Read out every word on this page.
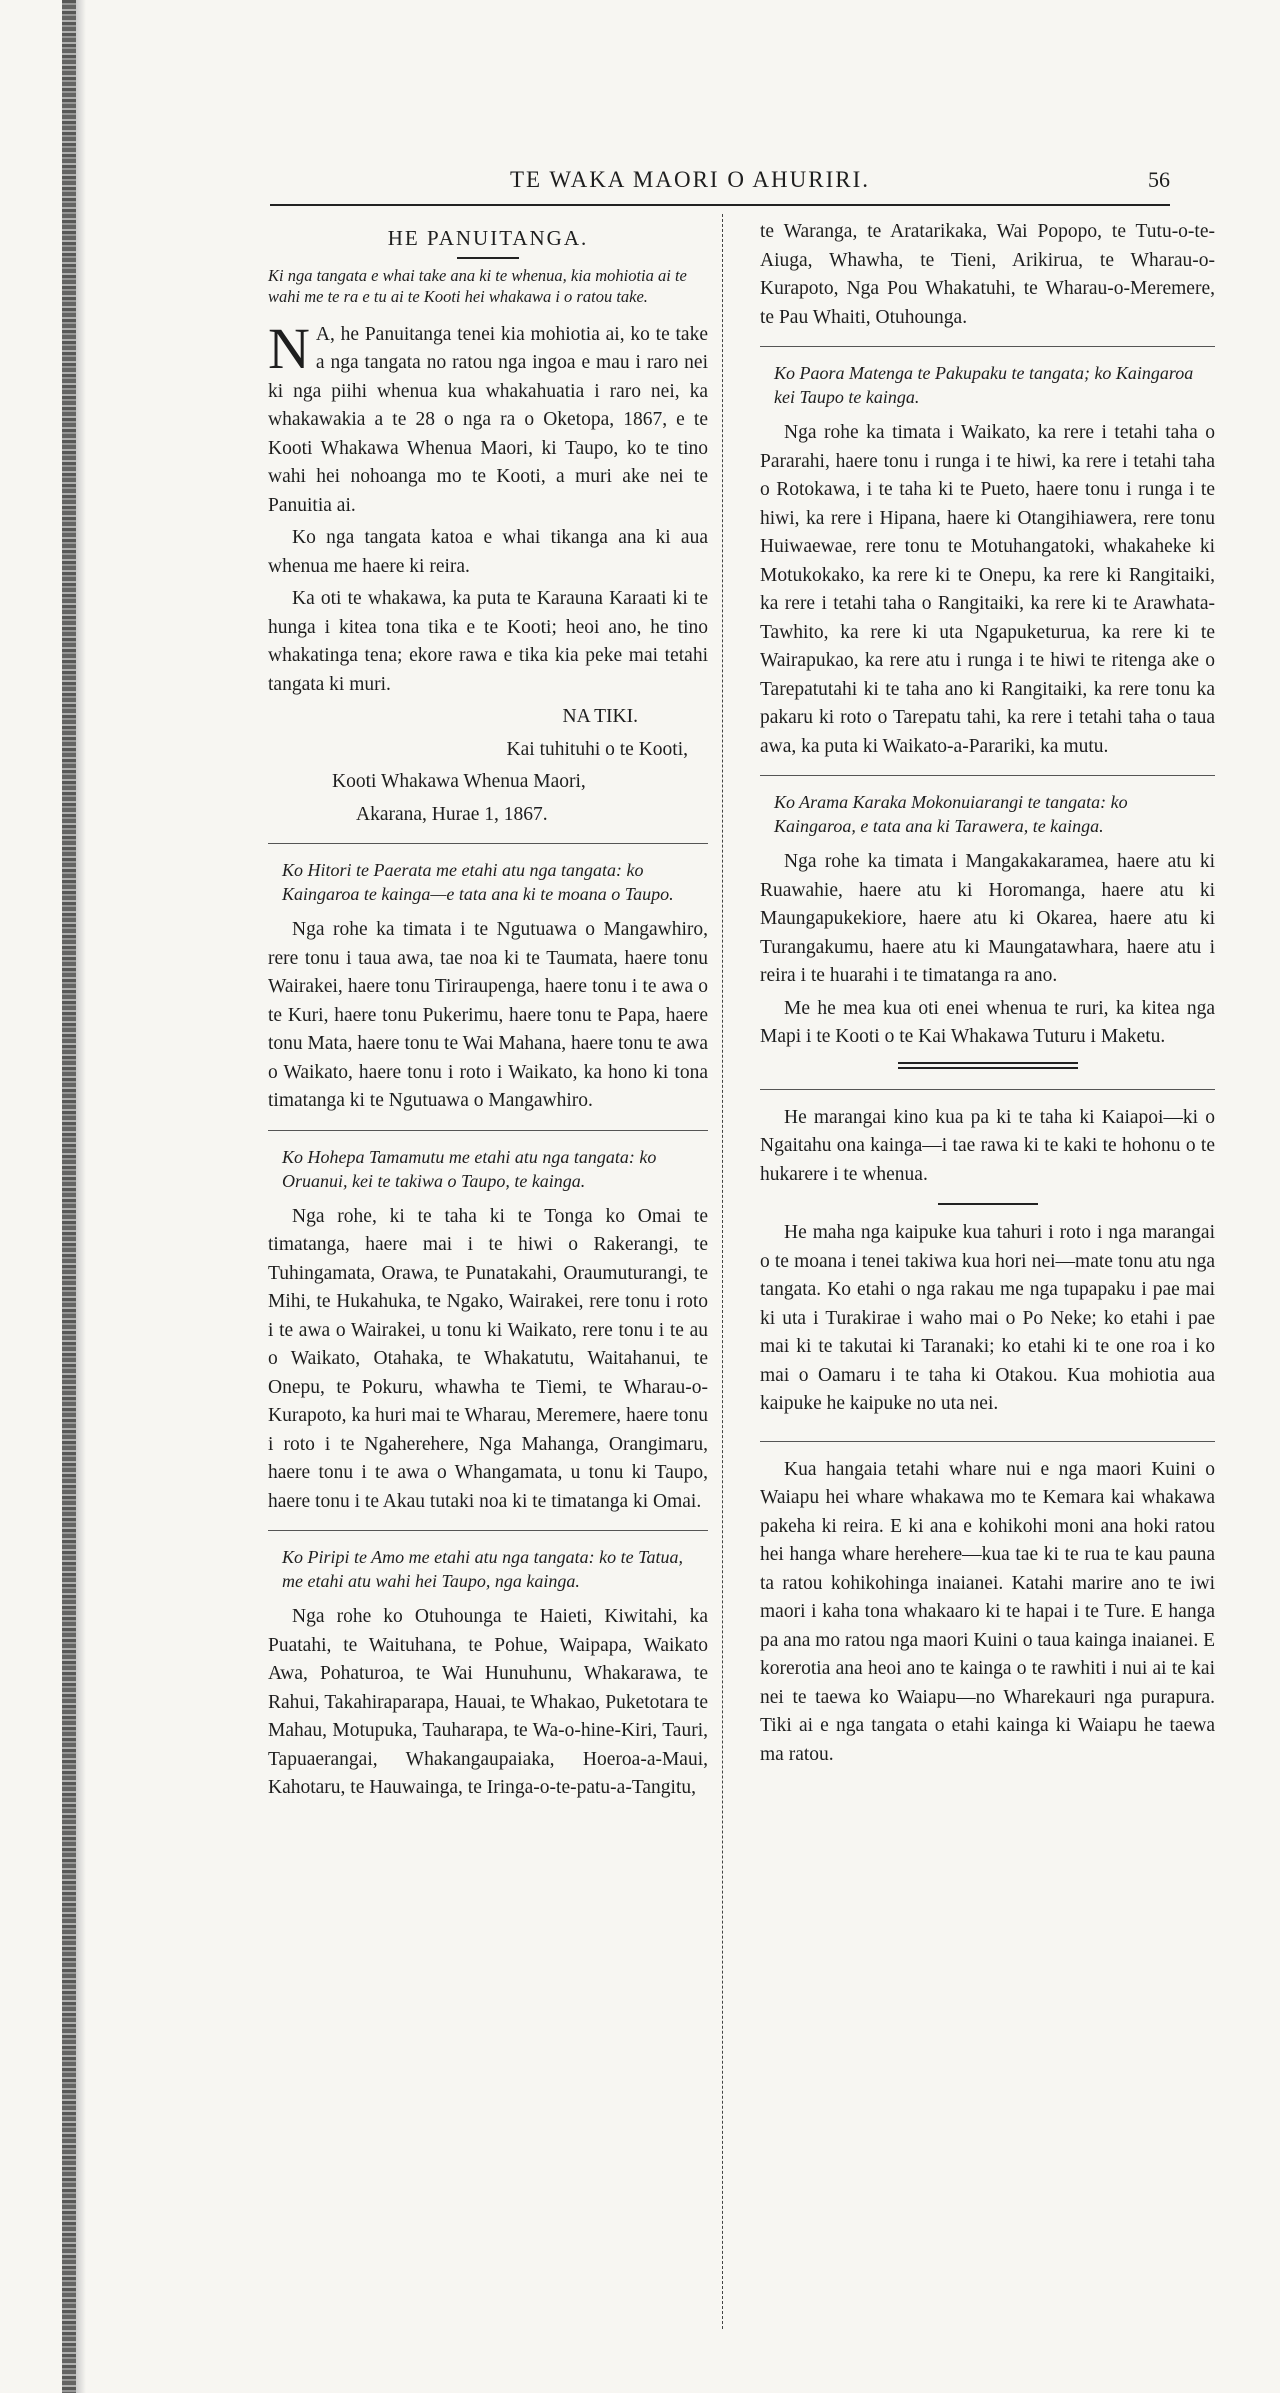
TE WAKA MAORI O AHURIRI.	56
HE PANUITANGA.
Ki nga tangata e whai take ana ki te whenua, kia mohiotia ai te wahi me te ra e tu ai te Kooti hei whakawa i o ratou take.

N A, he Panuitanga tenei kia mohiotia ai, ko te take a nga tangata no ratou nga ingoa e mau i raro nei ki nga piihi whenua kua whakahuatia i raro nei, ka whakawakia a te 28 o nga ra o Oketopa, 1867, e te Kooti Whakawa Whenua Maori, ki Taupo, ko te tino wahi hei nohoanga mo te Kooti, a muri ake nei te Panuitia ai.

Ko nga tangata katoa e whai tikanga ana ki aua whenua me haere ki reira.

Ka oti te whakawa, ka puta te Karauna Karaati ki te hunga i kitea tona tika e te Kooti; heoi ano, he tino whakatinga tena; ekore rawa e tika kia peke mai tetahi tangata ki muri.

NA TIKI.

Kai tuhituhi o te Kooti,

Kooti Whakawa Whenua Maori,

Akarana, Hurae 1, 1867.

Ko Hitori te Paerata me etahi atu nga tangata: ko Kaingaroa te kainga—e tata ana ki te moana o Taupo.

Nga rohe ka timata i te Ngutuawa o Mangawhiro, rere tonu i taua awa, tae noa ki te Taumata, haere tonu Wairakei, haere tonu Tiriraupenga, haere tonu i te awa o te Kuri, haere tonu Pukerimu, haere tonu te Papa, haere tonu Mata, haere tonu te Wai Mahana, haere tonu te awa o Waikato, haere tonu i roto i Waikato, ka hono ki tona timatanga ki te Ngutuawa o Mangawhiro.

Ko Hohepa Tamamutu me etahi atu nga tangata: ko Oruanui, kei te takiwa o Taupo, te kainga.

Nga rohe, ki te taha ki te Tonga ko Omai te timatanga, haere mai i te hiwi o Rakerangi, te Tuhingamata, Orawa, te Punatakahi, Oraumuturangi, te Mihi, te Hukahuka, te Ngako, Wairakei, rere tonu i roto i te awa o Wairakei, u tonu ki Waikato, rere tonu i te au o Waikato, Otahaka, te Whakatutu, Waitahanui, te Onepu, te Pokuru, whawha te Tiemi, te Wharau-o-Kurapoto, ka huri mai te Wharau, Meremere, haere tonu i roto i te Ngaherehere, Nga Mahanga, Orangimaru, haere tonu i te awa o Whangamata, u tonu ki Taupo, haere tonu i te Akau tutaki noa ki te timatanga ki Omai.

Ko Piripi te Amo me etahi atu nga tangata: ko te Tatua, me etahi atu wahi hei Taupo, nga kainga.

Nga rohe ko Otuhounga te Haieti, Kiwitahi, ka Puatahi, te Waituhana, te Pohue, Waipapa, Waikato Awa, Pohaturoa, te Wai Hunuhunu, Whakarawa, te Rahui, Takahiraparapa, Hauai, te Whakao, Puketotara te Mahau, Motupuka, Tauharapa, te Wa-o-hine-Kiri, Tauri, Tapuaerangai, Whakangaupaiaka, Hoeroa-a-Maui, Kahotaru, te Hauwainga, te Iringa-o-te-patu-a-Tangitu,

te Waranga, te Aratarikaka, Wai Popopo, te Tutu-o-te-Aiuga, Whawha, te Tieni, Arikirua, te Wharau-o-Kurapoto, Nga Pou Whakatuhi, te Wharau-o-Meremere, te Pau Whaiti, Otuhounga.

Ko Paora Matenga te Pakupaku te tangata; ko Kaingaroa kei Taupo te kainga.

Nga rohe ka timata i Waikato, ka rere i tetahi taha o Pararahi, haere tonu i runga i te hiwi, ka rere i tetahi taha o Rotokawa, i te taha ki te Pueto, haere tonu i runga i te hiwi, ka rere i Hipana, haere ki Otangihiawera, rere tonu Huiwaewae, rere tonu te Motuhangatoki, whakaheke ki Motukokako, ka rere ki te Onepu, ka rere ki Rangitaiki, ka rere i tetahi taha o Rangitaiki, ka rere ki te Arawhata-Tawhito, ka rere ki uta Ngapuketurua, ka rere ki te Wairapukao, ka rere atu i runga i te hiwi te ritenga ake o Tarepatutahi ki te taha ano ki Rangitaiki, ka rere tonu ka pakaru ki roto o Tarepatu tahi, ka rere i tetahi taha o taua awa, ka puta ki Waikato-a-Parariki, ka mutu.

Ko Arama Karaka Mokonuiarangi te tangata: ko Kaingaroa, e tata ana ki Tarawera, te kainga.

Nga rohe ka timata i Mangakakaramea, haere atu ki Ruawahie, haere atu ki Horomanga, haere atu ki Maungapukekiore, haere atu ki Okarea, haere atu ki Turangakumu, haere atu ki Maungatawhara, haere atu i reira i te huarahi i te timatanga ra ano.

Me he mea kua oti enei whenua te ruri, ka kitea nga Mapi i te Kooti o te Kai Whakawa Tuturu i Maketu.

He marangai kino kua pa ki te taha ki Kaiapoi—ki o Ngaitahu ona kainga—i tae rawa ki te kaki te hohonu o te hukarere i te whenua.

He maha nga kaipuke kua tahuri i roto i nga marangai o te moana i tenei takiwa kua hori nei—mate tonu atu nga tangata. Ko etahi o nga rakau me nga tupapaku i pae mai ki uta i Turakirae i waho mai o Po Neke; ko etahi i pae mai ki te takutai ki Taranaki; ko etahi ki te one roa i ko mai o Oamaru i te taha ki Otakou. Kua mohiotia aua kaipuke he kaipuke no uta nei.

Kua hangaia tetahi whare nui e nga maori Kuini o Waiapu hei whare whakawa mo te Kemara kai whakawa pakeha ki reira. E ki ana e kohikohi moni ana hoki ratou hei hanga whare herehere—kua tae ki te rua te kau pauna ta ratou kohikohinga inaianei. Katahi marire ano te iwi maori i kaha tona whakaaro ki te hapai i te Ture. E hanga pa ana mo ratou nga maori Kuini o taua kainga inaianei. E korerotia ana heoi ano te kainga o te rawhiti i nui ai te kai nei te taewa ko Waiapu—no Wharekauri nga purapura. Tiki ai e nga tangata o etahi kainga ki Waiapu he taewa ma ratou.
